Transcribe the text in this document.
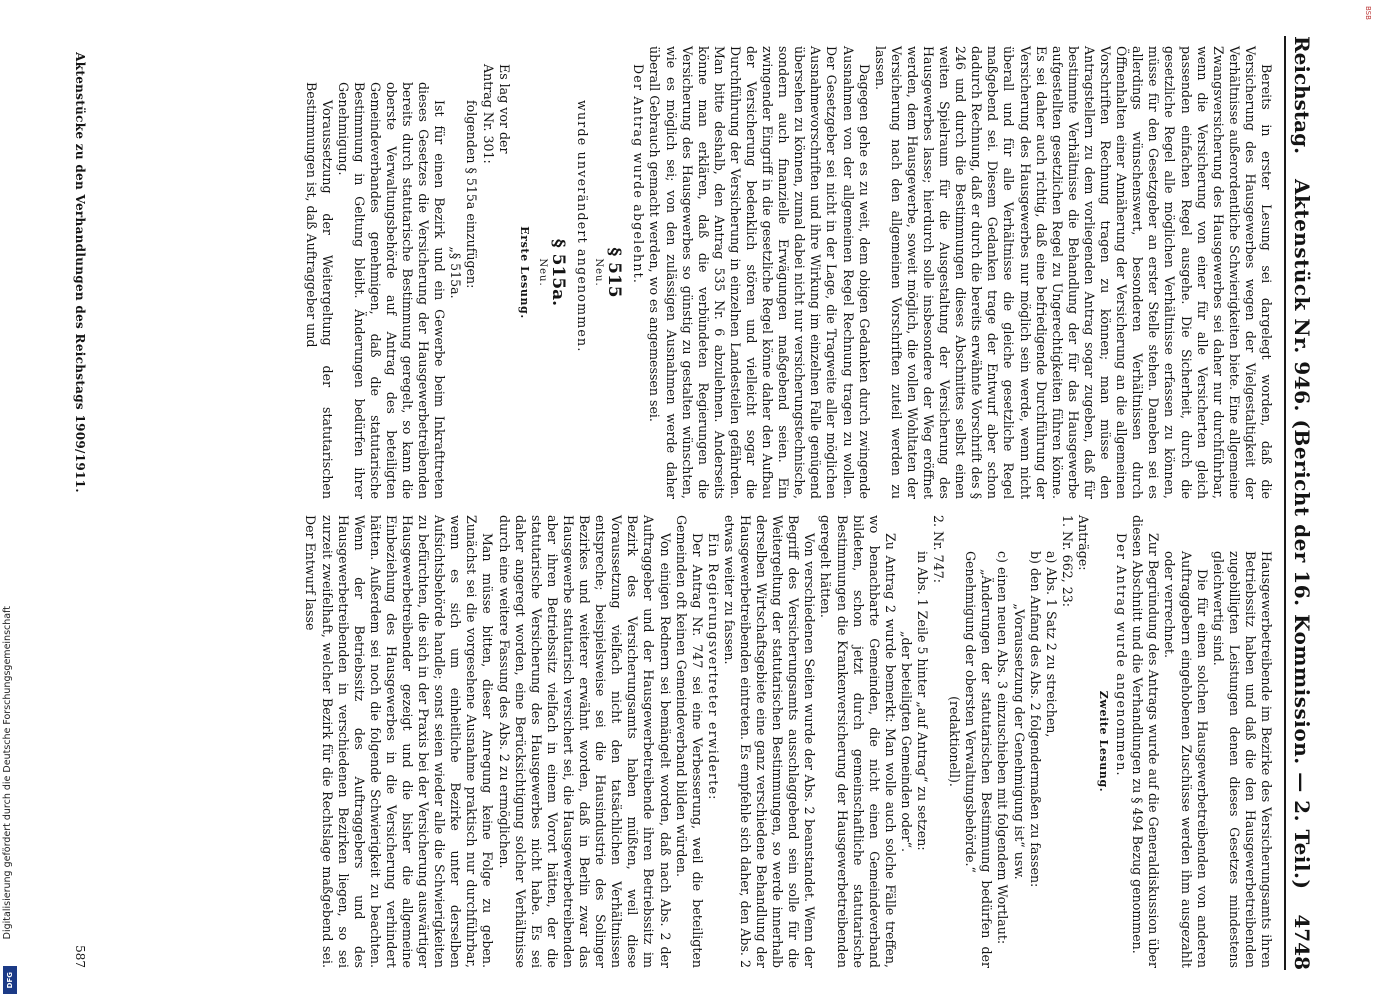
Reichstag.
Aktenstück Nr. 946. (Bericht der 16. Kommission. — 2. Teil.)
4748

Bereits in erster Lesung sei dargelegt worden, daß die Versicherung des Hausgewerbes wegen der Vielgestaltigkeit der Verhältnisse außerordentliche Schwierigkeiten biete. Eine allgemeine Zwangsversicherung des Hausgewerbes sei daher nur durchführbar, wenn die Versicherung von einer für alle Versicherten gleich passenden einfachen Regel ausgehe. Die Sicherheit, durch die gesetzliche Regel alle möglichen Verhältnisse erfassen zu können, müsse für den Gesetzgeber an erster Stelle stehen. Daneben sei es allerdings wünschenswert, besonderen Verhältnissen durch Öffnenhalten einer Annäherung der Versicherung an die allgemeinen Vorschriften Rechnung tragen zu können; man müsse den Antragstellern zu dem vorliegenden Antrag sogar zugeben, daß für bestimmte Verhältnisse die Behandlung der für das Hausgewerbe aufgestellten gesetzlichen Regel zu Ungerechtigkeiten führen könne. Es sei daher auch richtig, daß eine befriedigende Durchführung der Versicherung des Hausgewerbes nur möglich sein werde, wenn nicht überall und für alle Verhältnisse die gleiche gesetzliche Regel maßgebend sei. Diesem Gedanken trage der Entwurf aber schon dadurch Rechnung, daß er durch die bereits erwähnte Vorschrift des § 246 und durch die Bestimmungen dieses Abschnittes selbst einen weiten Spielraum für die Ausgestaltung der Versicherung des Hausgewerbes lasse; hierdurch solle insbesondere der Weg eröffnet werden, dem Hausgewerbe, soweit möglich, die vollen Wohltaten der Versicherung nach den allgemeinen Vorschriften zuteil werden zu lassen.

Dagegen gehe es zu weit, dem obigen Gedanken durch zwingende Ausnahmen von der allgemeinen Regel Rechnung tragen zu wollen. Der Gesetzgeber sei nicht in der Lage, die Tragweite aller möglichen Ausnahmevorschriften und ihre Wirkung im einzelnen Falle genügend übersehen zu können, zumal dabei nicht nur versicherungstechnische, sondern auch finanzielle Erwägungen maßgebend seien. Ein zwingender Eingriff in die gesetzliche Regel könne daher den Aufbau der Versicherung bedenklich stören und vielleicht sogar die Durchführung der Versicherung in einzelnen Landesteilen gefährden. Man bitte deshalb, den Antrag 535 Nr. 6 abzulehnen. Anderseits könne man erklären, daß die verbündeten Regierungen die Versicherung des Hausgewerbes so günstig zu gestalten wünschten, wie es möglich sei; von den zulässigen Ausnahmen werde daher überall Gebrauch gemacht werden, wo es angemessen sei.

Der Antrag wurde abgelehnt.

§ 515
Neu.

wurde unverändert angenommen.

§ 515a.
Neu.
Erste Lesung.

Es lag vor der

Antrag Nr. 301:

folgenden § 515a einzufügen:

„§ 515a.

Ist für einen Bezirk und ein Gewerbe beim Inkrafttreten dieses Gesetzes die Versicherung der Hausgewerbetreibenden bereits durch statutarische Bestimmung geregelt, so kann die oberste Verwaltungsbehörde auf Antrag des beteiligten Gemeindeverbandes genehmigen, daß die statutarische Bestimmung in Geltung bleibt. Änderungen bedürfen ihrer Genehmigung.

Voraussetzung der Weitergeltung der statutarischen Bestimmungen ist, daß Auftraggeber und

Hausgewerbetreibende im Bezirke des Versicherungsamts ihren Betriebssitz haben und daß die den Hausgewerbetreibenden zugebilligten Leistungen denen dieses Gesetzes mindestens gleichwertig sind.

Die für einen solchen Hausgewerbetreibenden von anderen Auftraggebern eingehobenen Zuschüsse werden ihm ausgezahlt oder verrechnet.

Zur Begründung des Antrags wurde auf die Generaldiskussion über diesen Abschnitt und die Verhandlungen zu § 494 Bezug genommen.

Der Antrag wurde angenommen.

Zweite Lesung.

Anträge:

1. Nr. 662, 23:

a) Abs. 1 Satz 2 zu streichen,

b) den Anfang des Abs. 2 folgendermaßen zu fassen:

„Voraussetzung der Genehmigung ist“ usw.

c) einen neuen Abs. 3 einzuschieben mit folgendem Wortlaut:

„Änderungen der statutarischen Bestimmung bedürfen der Genehmigung der obersten Verwaltungsbehörde.“

(redaktionell).

2. Nr. 747:

in Abs. 1 Zeile 5 hinter „auf Antrag“ zu setzen:

„der beteiligten Gemeinden oder“.

Zu Antrag 2 wurde bemerkt: Man wolle auch solche Fälle treffen, wo benachbarte Gemeinden, die nicht einen Gemeindeverband bildeten, schon jetzt durch gemeinschaftliche statutarische Bestimmungen die Krankenversicherung der Hausgewerbetreibenden geregelt hätten.

Von verschiedenen Seiten wurde der Abs. 2 beanstandet. Wenn der Begriff des Versicherungsamts ausschlaggebend sein solle für die Weitergeltung der statutarischen Bestimmungen, so werde innerhalb derselben Wirtschaftsgebiete eine ganz verschiedene Behandlung der Hausgewerbetreibenden eintreten. Es empfehle sich daher, den Abs. 2 etwas weiter zu fassen.

Ein Regierungsvertreter erwiderte:

Der Antrag Nr. 747 sei eine Verbesserung, weil die beteiligten Gemeinden oft keinen Gemeindeverband bilden würden.

Von einigen Rednern sei bemängelt worden, daß nach Abs. 2 der Auftraggeber und der Hausgewerbetreibende ihren Betriebssitz im Bezirk des Versicherungsamts haben müßten, weil diese Voraussetzung vielfach nicht den tatsächlichen Verhältnissen entspreche; beispielsweise sei die Hausindustrie des Solinger Bezirkes und weiterer erwähnt worden, daß in Berlin zwar das Hausgewerbe statutarisch versichert sei, die Hausgewerbetreibenden aber ihren Betriebssitz vielfach in einem Vorort hätten, der die statutarische Versicherung des Hausgewerbes nicht habe. Es sei daher angeregt worden, eine Berücksichtigung solcher Verhältnisse durch eine weitere Fassung des Abs. 2 zu ermöglichen.

Man müsse bitten, dieser Anregung keine Folge zu geben. Zunächst sei die vorgesehene Ausnahme praktisch nur durchführbar, wenn es sich um einheitliche Bezirke unter derselben Aufsichtsbehörde handle; sonst seien wieder alle die Schwierigkeiten zu befürchten, die sich in der Praxis bei der Versicherung auswärtiger Hausgewerbetreibender gezeigt und die bisher die allgemeine Einbeziehung des Hausgewerbes in die Versicherung verhindert hätten. Außerdem sei noch die folgende Schwierigkeit zu beachten. Wenn der Betriebssitz des Auftraggebers und des Hausgewerbetreibenden in verschiedenen Bezirken liegen, so sei zurzeit zweifelhaft, welcher Bezirk für die Rechtslage maßgebend sei. Der Entwurf lasse

Aktenstücke zu den Verhandlungen des Reichstags 1909/1911.
587
Digitalisierung gefördert durch die Deutsche Forschungsgemeinschaft
DFG
BSB
